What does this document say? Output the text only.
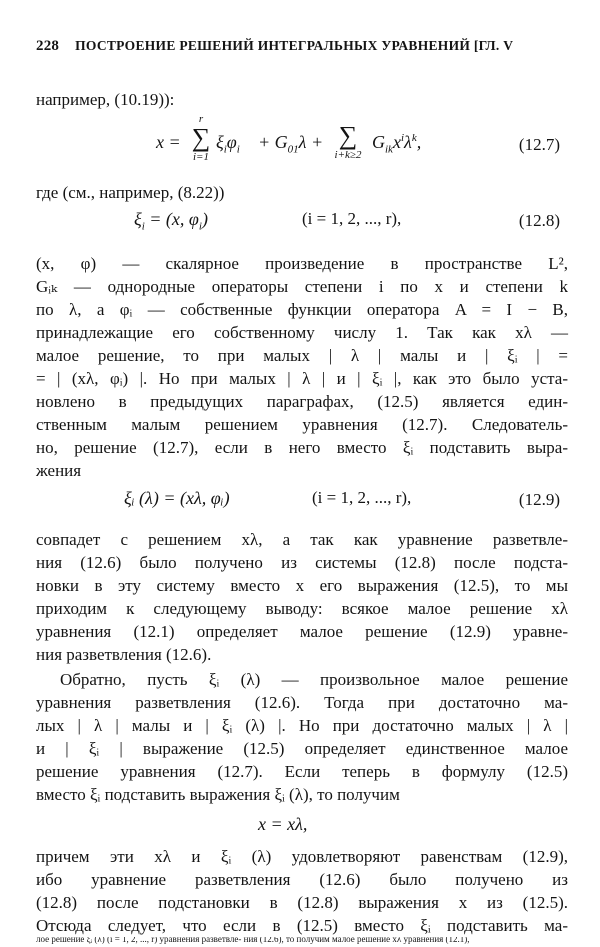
228 ПОСТРОЕНИЕ РЕШЕНИЙ ИНТЕГРАЛЬНЫХ УРАВНЕНИЙ [ГЛ. V
например, (10.19)):
x =
r
∑
i=1
$\xi_i\varphi_i + G_{01}\lambda$ + ∑
i+k≥2
$G_{ik}x^i\lambda^k$,	(12.7)
где (см., например, (8.22))
$\xi_i = (x$, $\varphi_i$)	(i = 1, 2, ..., r),	(12.8)
(x, φ) — скалярное произведение в пространстве L²,
Gᵢₖ — однородные операторы степени i по x и степени k
по λ, а φᵢ — собственные функции оператора A = I − B,
принадлежащие его собственному числу 1. Так как xλ —
малое решение, то при малых | λ | малы и | ξᵢ | =
= | (xλ, φᵢ) |. Но при малых | λ | и | ξᵢ |, как это было уста-
новлено в предыдущих параграфах, (12.5) является един-
ственным малым решением уравнения (12.7). Следователь-
но, решение (12.7), если в него вместо ξᵢ подставить выра-
жения
ξᵢ (λ) = (xλ, φᵢ)	(i = 1, 2, ..., r),	(12.9)
совпадет с решением xλ, а так как уравнение разветвле-
ния (12.6) было получено из системы (12.8) после подста-
новки в эту систему вместо x его выражения (12.5), то мы
приходим к следующему выводу: всякое малое решение xλ
уравнения (12.1) определяет малое решение (12.9) уравне-
ния разветвления (12.6).
Обратно, пусть ξᵢ (λ) — произвольное малое решение
уравнения разветвления (12.6). Тогда при достаточно ма-
лых | λ | малы и | ξᵢ (λ) |. Но при достаточно малых | λ |
и | ξᵢ | выражение (12.5) определяет единственное малое
решение уравнения (12.7). Если теперь в формулу (12.5)
вместо ξᵢ подставить выражения ξᵢ (λ), то получим
x = xλ,
причем эти xλ и ξᵢ (λ) удовлетворяют равенствам (12.9),
ибо уравнение разветвления (12.6) было получено из
(12.8) после подстановки в (12.8) выражения x из (12.5).
Отсюда следует, что если в (12.5) вместо ξᵢ подставить ма-
лое решение ξᵢ (λ) (i = 1, 2, ..., r) уравнения разветвле- ния (12.6), то получим малое решение xλ уравнения (12.1),
